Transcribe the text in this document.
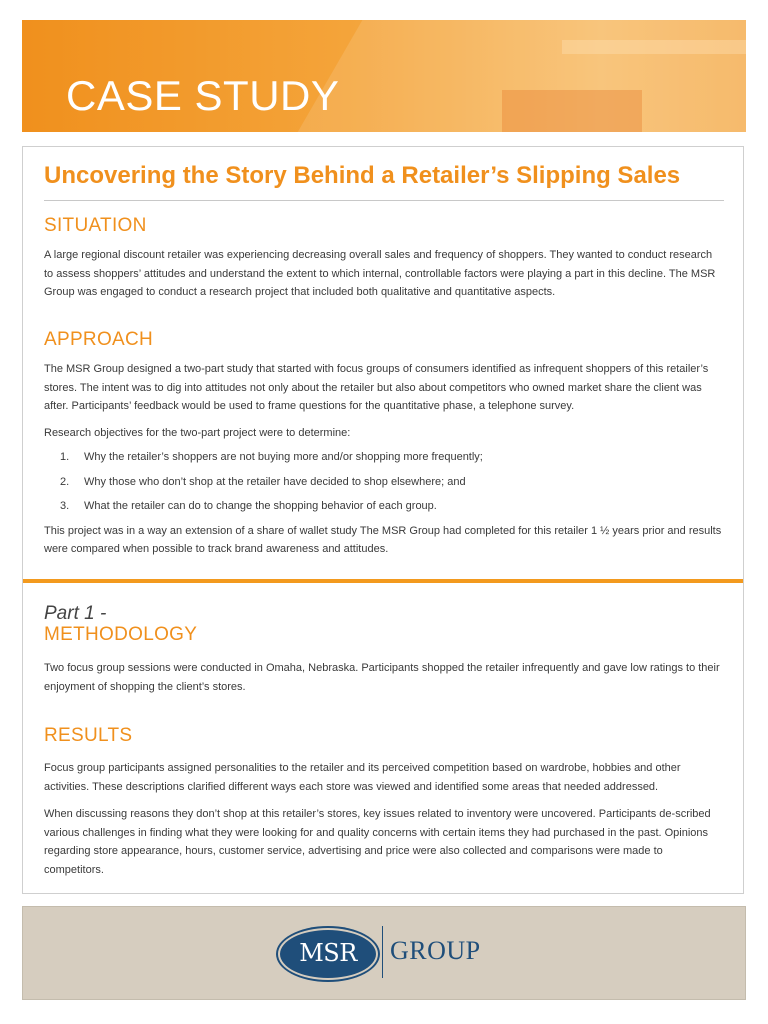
CASE STUDY
Uncovering the Story Behind a Retailer’s Slipping Sales
SITUATION

A large regional discount retailer was experiencing decreasing overall sales and frequency of shoppers. They wanted to conduct research to assess shoppers’ attitudes and understand the extent to which internal, controllable factors were playing a part in this decline. The MSR Group was engaged to conduct a research project that included both qualitative and quantitative aspects.

APPROACH

The MSR Group designed a two-part study that started with focus groups of consumers identified as infrequent shoppers of this retailer’s stores. The intent was to dig into attitudes not only about the retailer but also about competitors who owned market share the client was after. Participants’ feedback would be used to frame questions for the quantitative phase, a telephone survey.

Research objectives for the two-part project were to determine:

1. Why the retailer’s shoppers are not buying more and/or shopping more frequently;
2. Why those who don’t shop at the retailer have decided to shop elsewhere; and
3. What the retailer can do to change the shopping behavior of each group.

This project was in a way an extension of a share of wallet study The MSR Group had completed for this retailer 1 ½ years prior and results were compared when possible to track brand awareness and attitudes.

Part 1 -
METHODOLOGY

Two focus group sessions were conducted in Omaha, Nebraska. Participants shopped the retailer infrequently and gave low ratings to their enjoyment of shopping the client’s stores.

RESULTS

Focus group participants assigned personalities to the retailer and its perceived competition based on wardrobe, hobbies and other activities. These descriptions clarified different ways each store was viewed and identified some areas that needed addressed.

When discussing reasons they don’t shop at this retailer’s stores, key issues related to inventory were uncovered. Participants de-scribed various challenges in finding what they were looking for and quality concerns with certain items they had purchased in the past. Opinions regarding store appearance, hours, customer service, advertising and price were also collected and comparisons were made to competitors.

MSR	GROUP
